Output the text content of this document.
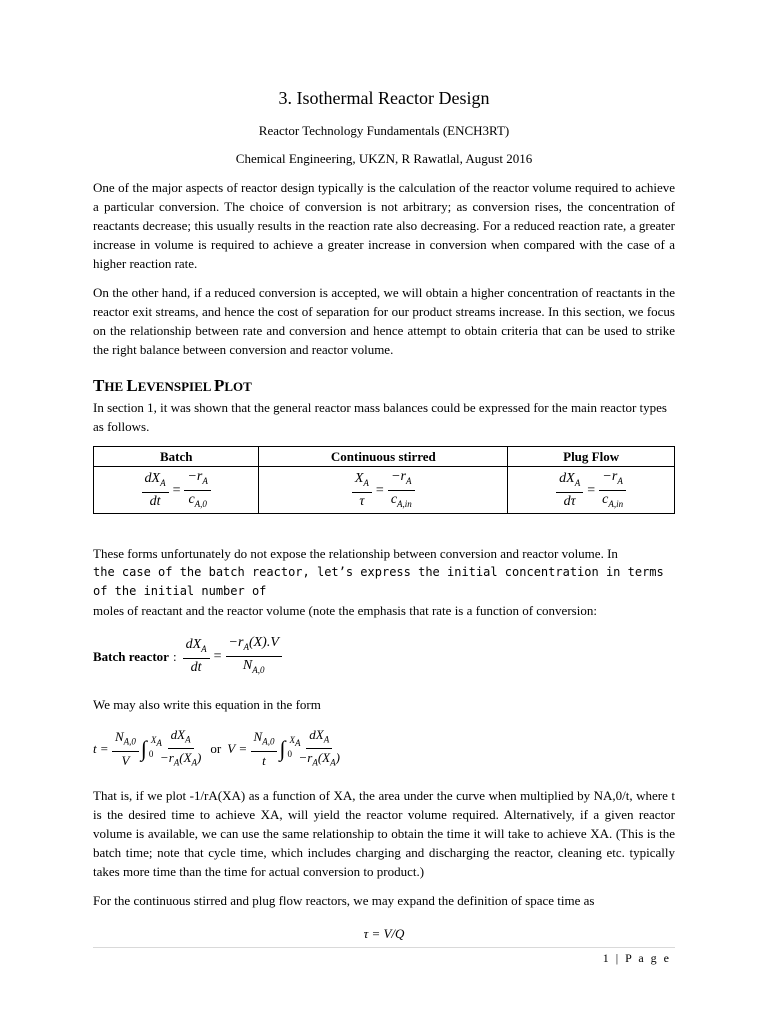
3. Isothermal Reactor Design
Reactor Technology Fundamentals (ENCH3RT)
Chemical Engineering, UKZN, R Rawatlal, August 2016

One of the major aspects of reactor design typically is the calculation of the reactor volume required to achieve a particular conversion. The choice of conversion is not arbitrary; as conversion rises, the concentration of reactants decrease; this usually results in the reaction rate also decreasing. For a reduced reaction rate, a greater increase in volume is required to achieve a greater increase in conversion when compared with the case of a higher reaction rate.

On the other hand, if a reduced conversion is accepted, we will obtain a higher concentration of reactants in the reactor exit streams, and hence the cost of separation for our product streams increase. In this section, we focus on the relationship between rate and conversion and hence attempt to obtain criteria that can be used to strike the right balance between conversion and reactor volume.

THE LEVENSPIEL PLOT

In section 1, it was shown that the general reactor mass balances could be expressed for the main reactor types as follows.

Batch	Continuous stirred	Plug Flow

$\frac{dX_A}{dt} = \frac{-r_A}{c_{A,0}}$	$\frac{X_A}{\tau} = \frac{-r_A}{c_{A,in}}$	$\frac{dX_A}{d\tau} = \frac{-r_A}{c_{A,in}}$
These forms unfortunately do not expose the relationship between conversion and reactor volume. In
the case of the batch reactor, let’s express the initial concentration in terms of the initial number of
moles of reactant and the reactor volume (note the emphasis that rate is a function of conversion:
Batch reactor : $\frac{dX_A}{dt} = \frac{-r_A(X).V}{N_{A,0}}$

We may also write this equation in the form

$t = \frac{N_{A,0}}{V}$ ∫ $X_A$
$0 \frac{dX_A}{-r_A(X_A)}$ or $V = \frac{N_{A,0}}{t}$ ∫ $X_A$
$0 \frac{dX_A}{-r_A(X_A)}$

That is, if we plot -1/rA(XA) as a function of XA, the area under the curve when multiplied by NA,0/t, where t is the desired time to achieve XA, will yield the reactor volume required. Alternatively, if a given reactor volume is available, we can use the same relationship to obtain the time it will take to achieve XA. (This is the batch time; note that cycle time, which includes charging and discharging the reactor, cleaning etc. typically takes more time than the time for actual conversion to product.)

For the continuous stirred and plug flow reactors, we may expand the definition of space time as

τ = V/Q
1 | P a g e
